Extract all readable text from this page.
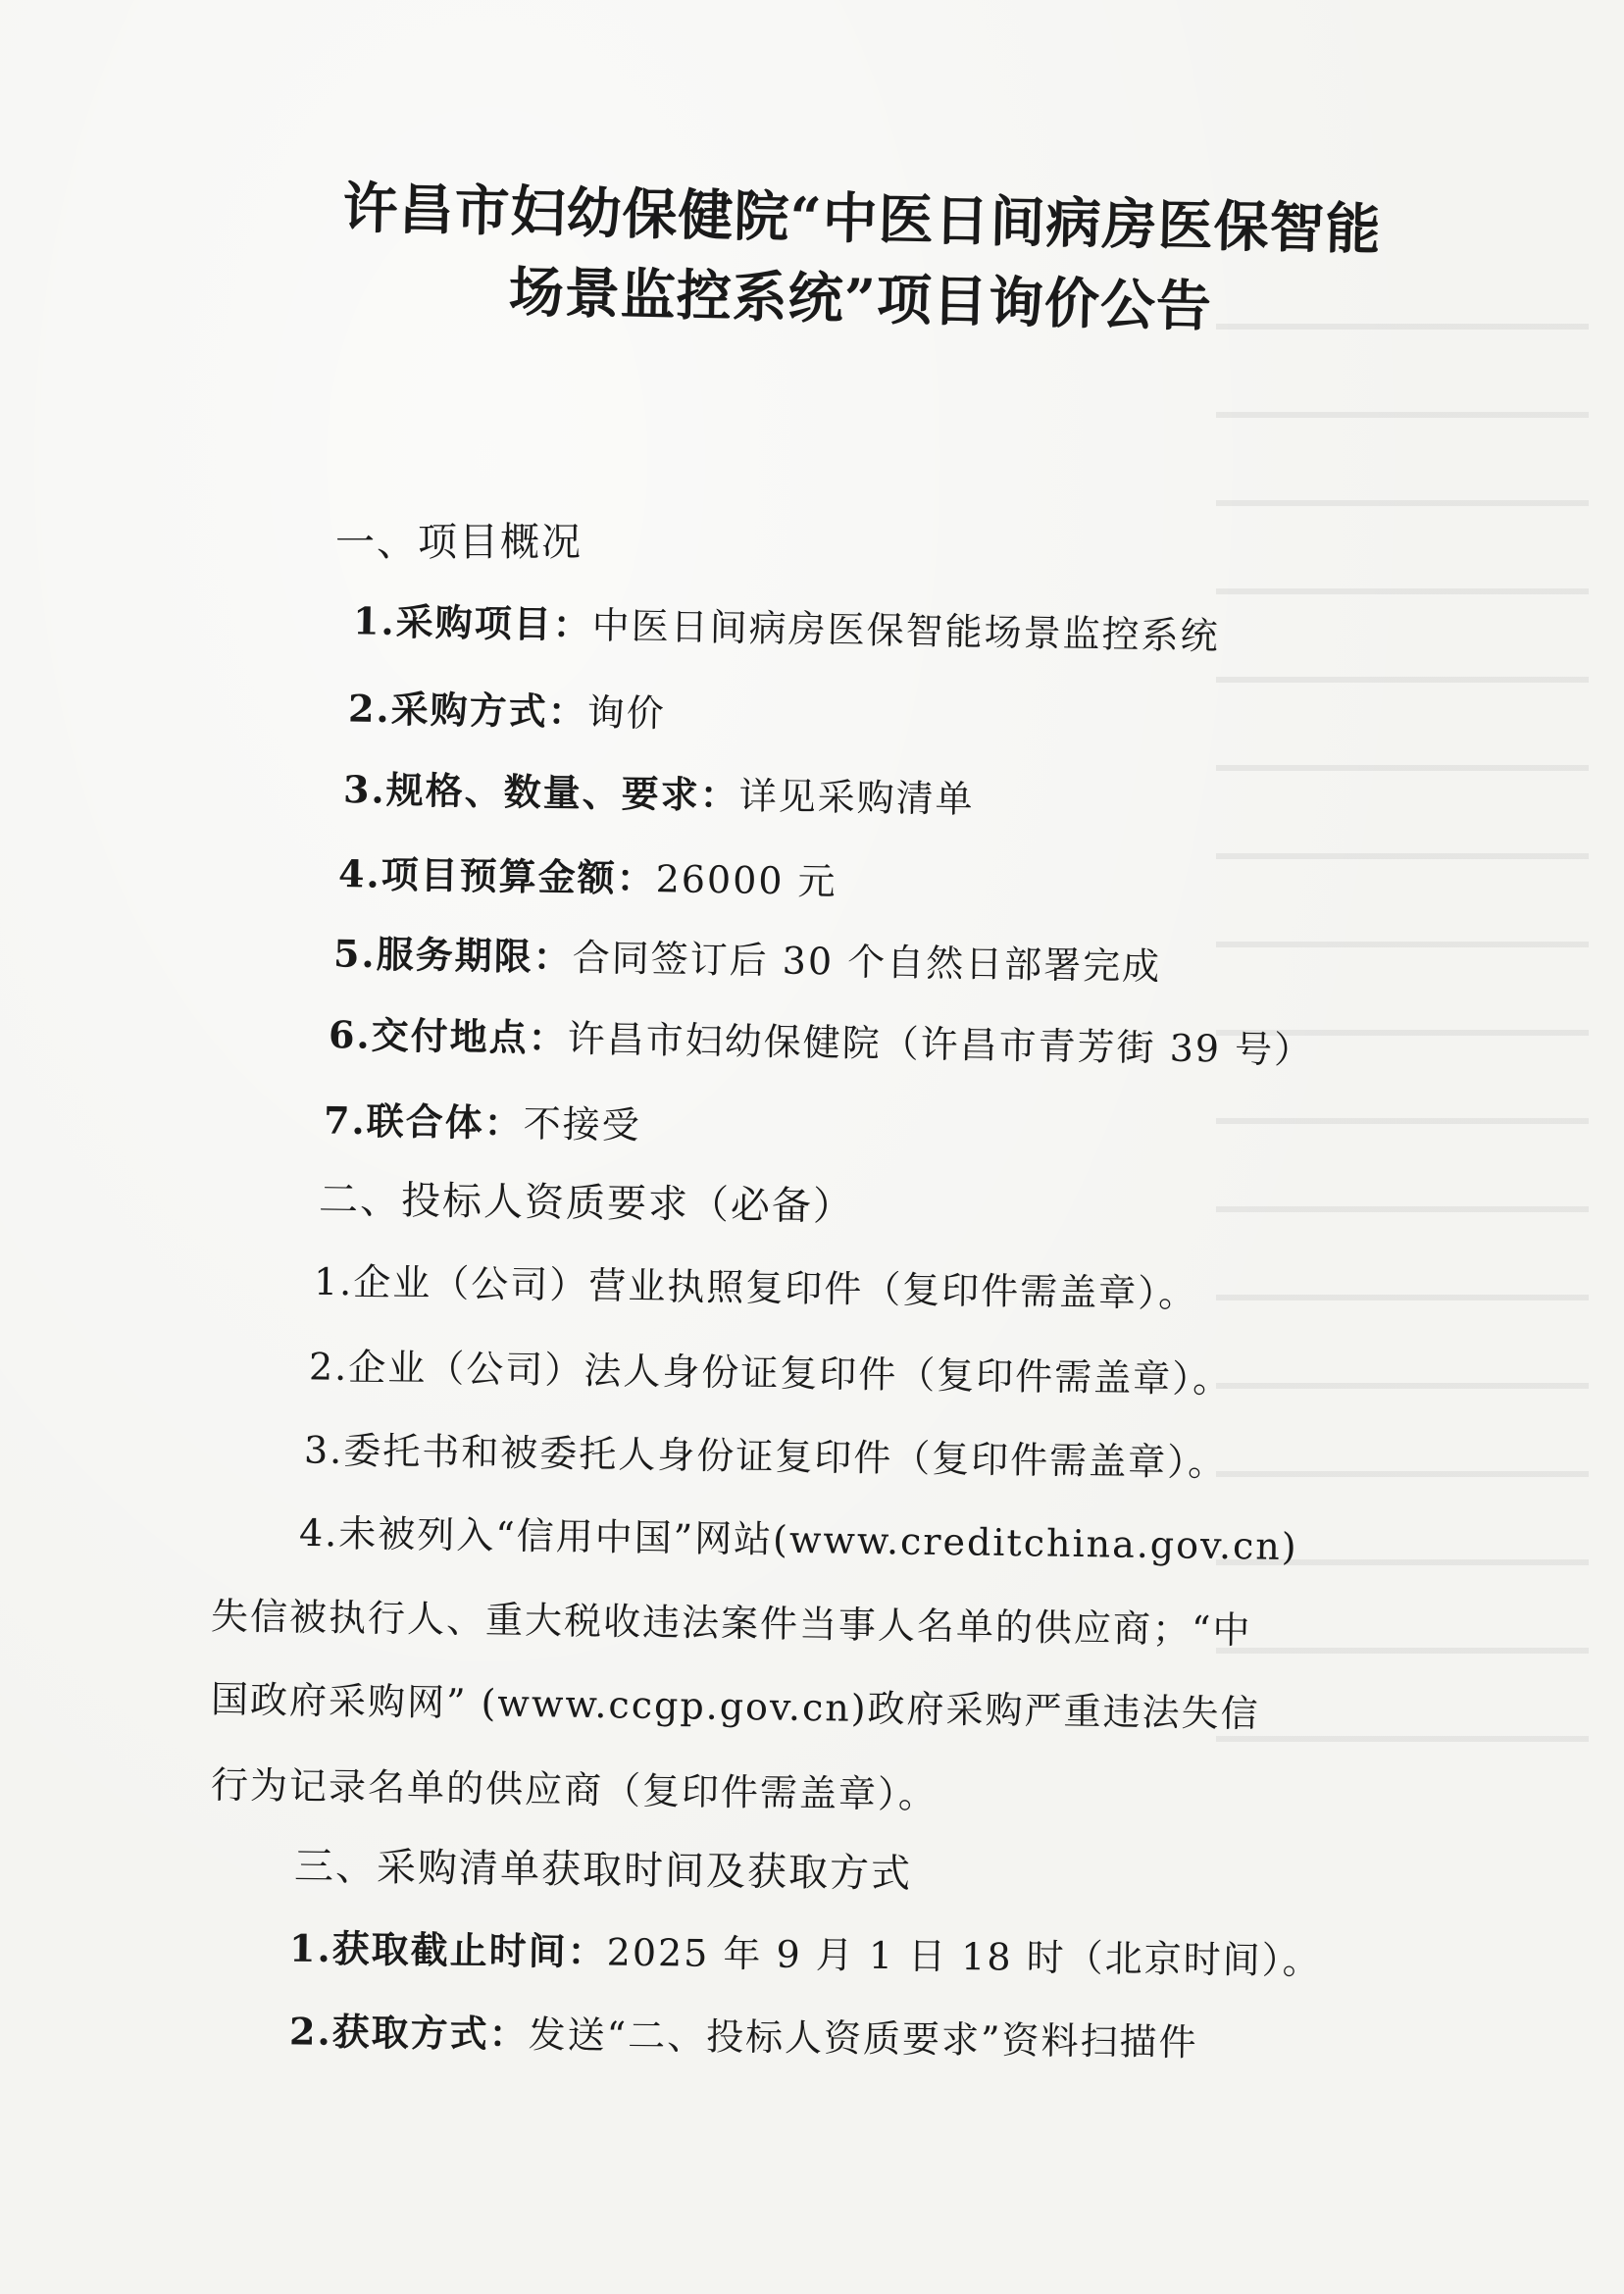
许昌市妇幼保健院“中医日间病房医保智能
场景监控系统”项目询价公告
一、项目概况
1.采购项目：中医日间病房医保智能场景监控系统
2.采购方式：询价
3.规格、数量、要求：详见采购清单
4.项目预算金额：26000 元
5.服务期限：合同签订后 30 个自然日部署完成
6.交付地点：许昌市妇幼保健院（许昌市青芳街 39 号）
7.联合体：不接受
二、投标人资质要求（必备）
1.企业（公司）营业执照复印件（复印件需盖章）。
2.企业（公司）法人身份证复印件（复印件需盖章）。
3.委托书和被委托人身份证复印件（复印件需盖章）。
4.未被列入“信用中国”网站(www.creditchina.gov.cn)
失信被执行人、重大税收违法案件当事人名单的供应商；“中
国政府采购网” (www.ccgp.gov.cn)政府采购严重违法失信
行为记录名单的供应商（复印件需盖章）。
三、采购清单获取时间及获取方式
1.获取截止时间：2025 年 9 月 1 日 18 时（北京时间）。
2.获取方式：发送“二、投标人资质要求”资料扫描件
